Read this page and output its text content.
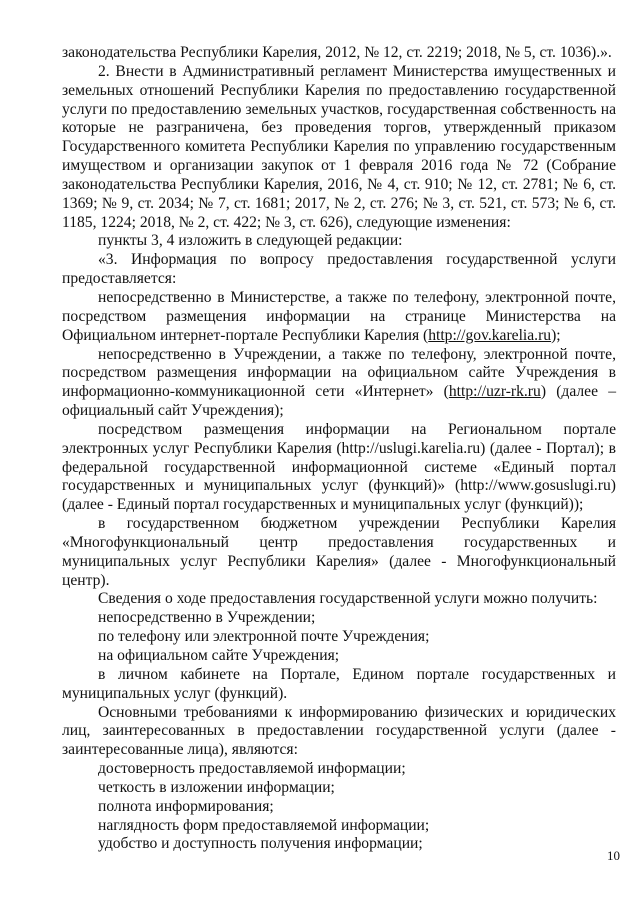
законодательства Республики Карелия, 2012, № 12, ст. 2219; 2018, № 5, ст. 1036).».

2. Внести в Административный регламент Министерства имущественных и земельных отношений Республики Карелия по предоставлению государственной услуги по предоставлению земельных участков, государственная собственность на которые не разграничена, без проведения торгов, утвержденный приказом Государственного комитета Республики Карелия по управлению государственным имуществом и организации закупок от 1 февраля 2016 года № 72 (Собрание законодательства Республики Карелия, 2016, № 4, ст. 910; № 12, ст. 2781; № 6, ст. 1369; № 9, ст. 2034; № 7, ст. 1681; 2017, № 2, ст. 276; № 3, ст. 521, ст. 573; № 6, ст. 1185, 1224; 2018, № 2, ст. 422; № 3, ст. 626), следующие изменения:

пункты 3, 4 изложить в следующей редакции:

«3. Информация по вопросу предоставления государственной услуги предоставляется:

непосредственно в Министерстве, а также по телефону, электронной почте, посредством размещения информации на странице Министерства на Официальном интернет-портале Республики Карелия (http://gov.karelia.ru);

непосредственно в Учреждении, а также по телефону, электронной почте, посредством размещения информации на официальном сайте Учреждения в информационно-коммуникационной сети «Интернет» (http://uzr-rk.ru) (далее – официальный сайт Учреждения);

посредством размещения информации на Региональном портале электронных услуг Республики Карелия (http://uslugi.karelia.ru) (далее - Портал); в федеральной государственной информационной системе «Единый портал государственных и муниципальных услуг (функций)» (http://www.gosuslugi.ru) (далее - Единый портал государственных и муниципальных услуг (функций));

в государственном бюджетном учреждении Республики Карелия «Многофункциональный центр предоставления государственных и муниципальных услуг Республики Карелия» (далее - Многофункциональный центр).

Сведения о ходе предоставления государственной услуги можно получить:

непосредственно в Учреждении;

по телефону или электронной почте Учреждения;

на официальном сайте Учреждения;

в личном кабинете на Портале, Едином портале государственных и муниципальных услуг (функций).

Основными требованиями к информированию физических и юридических лиц, заинтересованных в предоставлении государственной услуги (далее - заинтересованные лица), являются:

достоверность предоставляемой информации;

четкость в изложении информации;

полнота информирования;

наглядность форм предоставляемой информации;

удобство и доступность получения информации;

10
